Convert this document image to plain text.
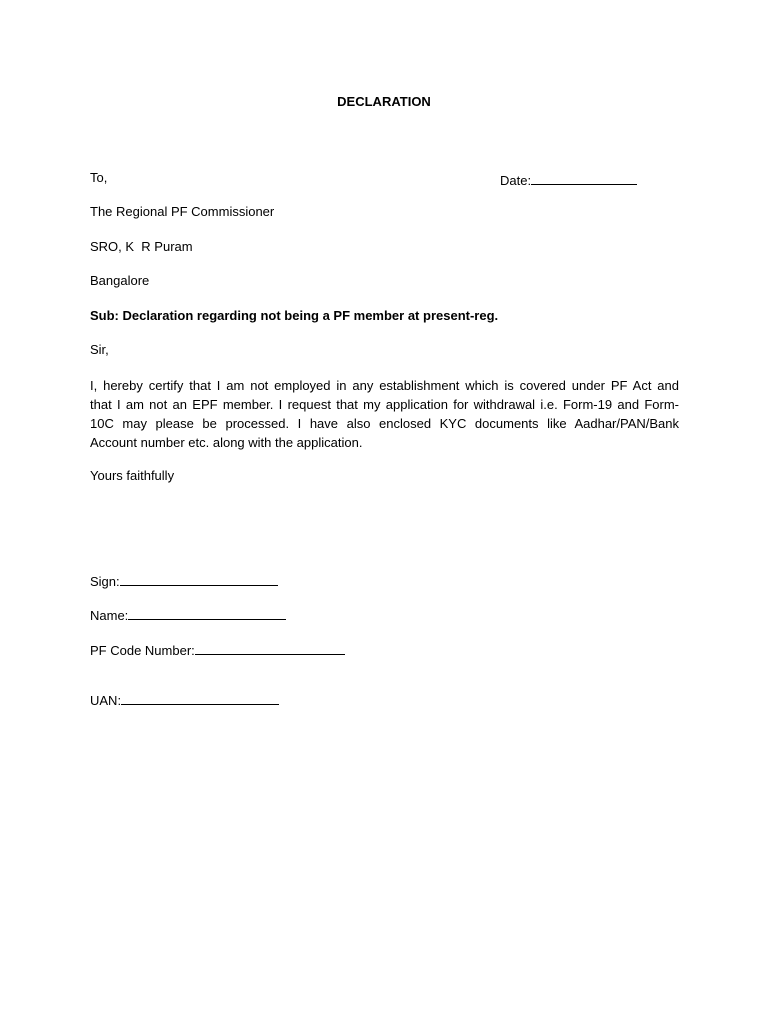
DECLARATION
To,	Date:
The Regional PF Commissioner
SRO, K  R Puram
Bangalore
Sub: Declaration regarding not being a PF member at present-reg.
Sir,
I, hereby certify that I am not employed in any establishment which is covered under PF Act and
that I am not an EPF member. I request that my application for withdrawal i.e. Form-19 and Form-
10C may please be processed. I have also enclosed KYC documents like Aadhar/PAN/Bank
Account number etc. along with the application.
Yours faithfully
Sign:
Name:
PF Code Number:
UAN:
